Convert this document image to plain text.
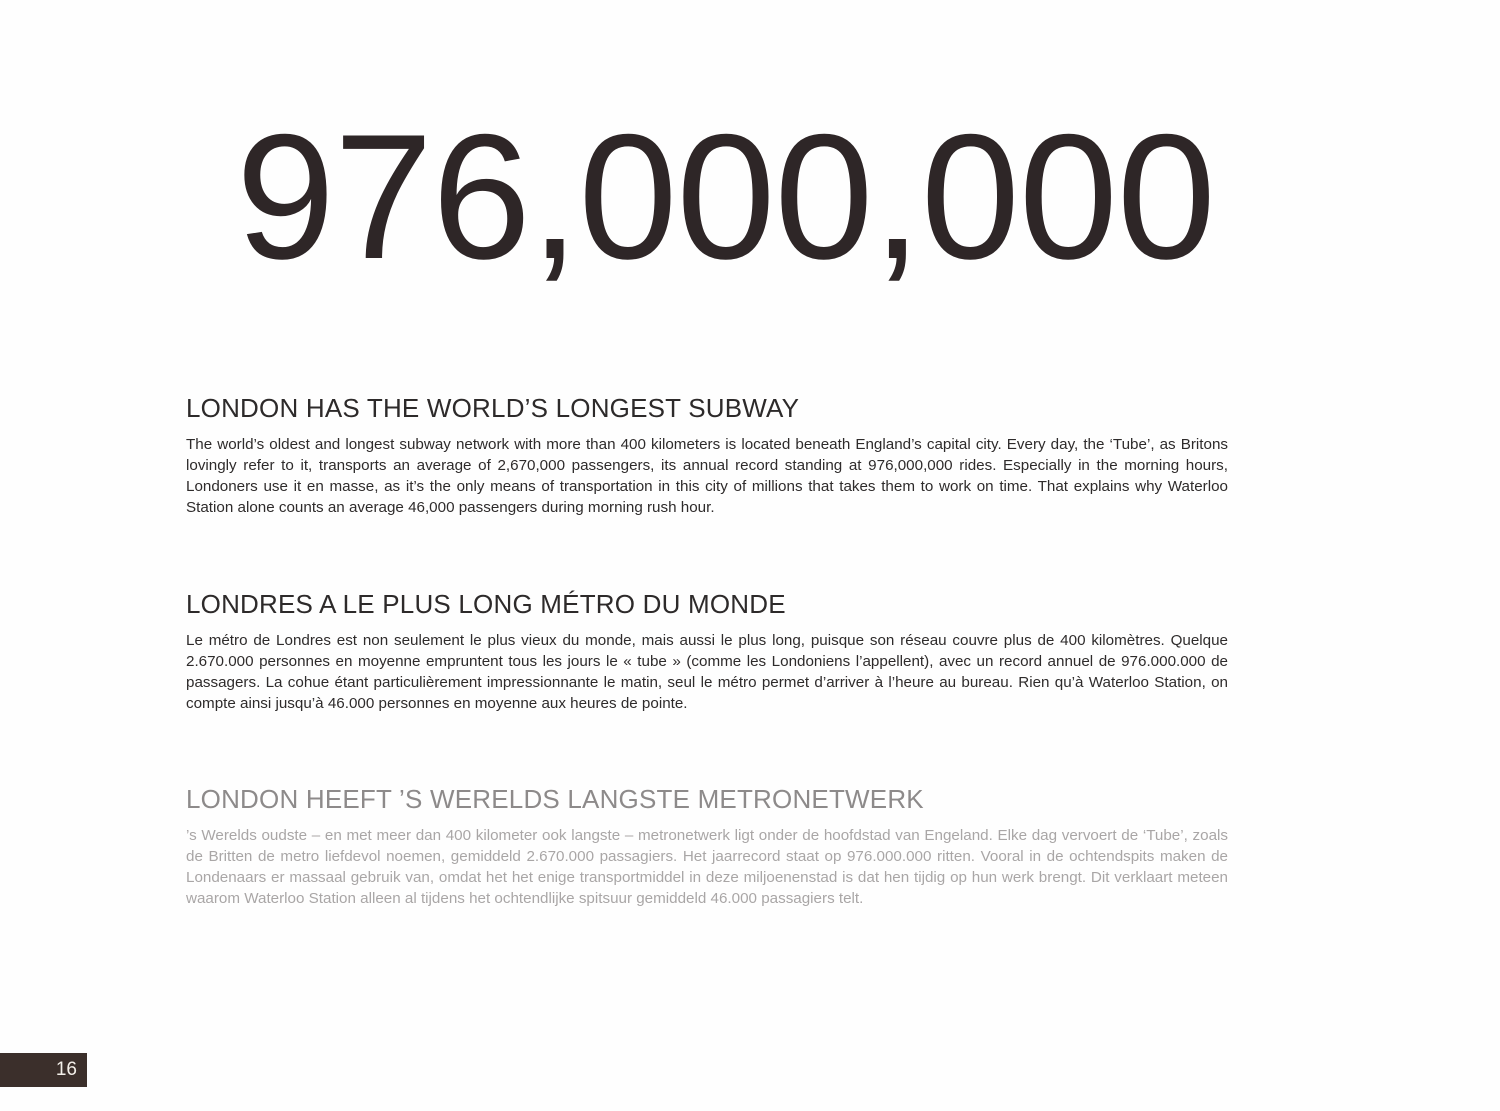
976,000,000
LONDON HAS THE WORLD’S LONGEST SUBWAY

The world’s oldest and longest subway network with more than 400 kilometers is located beneath England’s capital city. Every day, the ‘Tube’, as Britons lovingly refer to it, transports an average of 2,670,000 passengers, its annual record standing at 976,000,000 rides. Especially in the morning hours, Londoners use it en masse, as it’s the only means of transportation in this city of millions that takes them to work on time. That explains why Waterloo Station alone counts an average 46,000 passengers during morning rush hour.

LONDRES A LE PLUS LONG MÉTRO DU MONDE

Le métro de Londres est non seulement le plus vieux du monde, mais aussi le plus long, puisque son réseau couvre plus de 400 kilomètres. Quelque 2.670.000 personnes en moyenne empruntent tous les jours le « tube » (comme les Londoniens l’appellent), avec un record annuel de 976.000.000 de passagers. La cohue étant particulièrement impressionnante le matin, seul le métro permet d’arriver à l’heure au bureau. Rien qu’à Waterloo Station, on compte ainsi jusqu’à 46.000 personnes en moyenne aux heures de pointe.

LONDON HEEFT ’S WERELDS LANGSTE METRONETWERK

’s Werelds oudste – en met meer dan 400 kilometer ook langste – metronetwerk ligt onder de hoofdstad van Engeland. Elke dag vervoert de ‘Tube’, zoals de Britten de metro liefdevol noemen, gemiddeld 2.670.000 passagiers. Het jaarrecord staat op 976.000.000 ritten. Vooral in de ochtendspits maken de Londenaars er massaal gebruik van, omdat het het enige transportmiddel in deze miljoenenstad is dat hen tijdig op hun werk brengt. Dit verklaart meteen waarom Waterloo Station alleen al tijdens het ochtendlijke spitsuur gemiddeld 46.000 passagiers telt.

16
